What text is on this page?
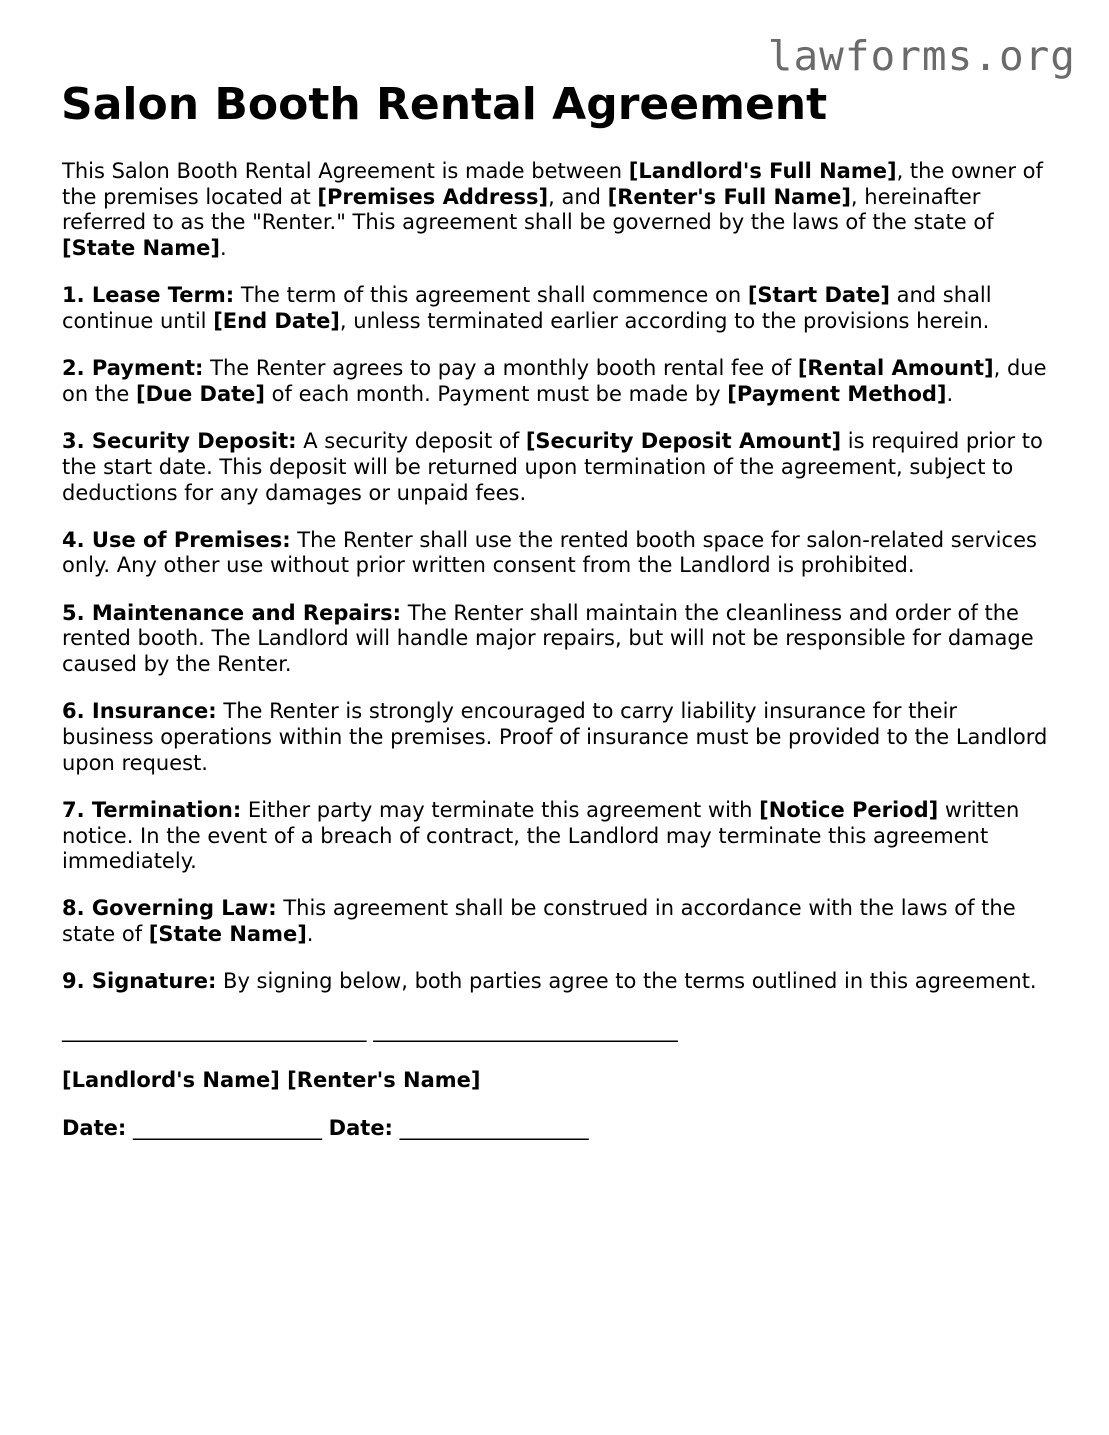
lawforms.org
Salon Booth Rental Agreement

This Salon Booth Rental Agreement is made between [Landlord's Full Name], the owner of the premises located at [Premises Address], and [Renter's Full Name], hereinafter referred to as the "Renter." This agreement shall be governed by the laws of the state of [State Name].

1. Lease Term: The term of this agreement shall commence on [Start Date] and shall continue until [End Date], unless terminated earlier according to the provisions herein.

2. Payment: The Renter agrees to pay a monthly booth rental fee of [Rental Amount], due on the [Due Date] of each month. Payment must be made by [Payment Method].

3. Security Deposit: A security deposit of [Security Deposit Amount] is required prior to the start date. This deposit will be returned upon termination of the agreement, subject to deductions for any damages or unpaid fees.

4. Use of Premises: The Renter shall use the rented booth space for salon-related services only. Any other use without prior written consent from the Landlord is prohibited.

5. Maintenance and Repairs: The Renter shall maintain the cleanliness and order of the rented booth. The Landlord will handle major repairs, but will not be responsible for damage caused by the Renter.

6. Insurance: The Renter is strongly encouraged to carry liability insurance for their business operations within the premises. Proof of insurance must be provided to the Landlord upon request.

7. Termination: Either party may terminate this agreement with [Notice Period] written notice. In the event of a breach of contract, the Landlord may terminate this agreement immediately.

8. Governing Law: This agreement shall be construed in accordance with the laws of the state of [State Name].

9. Signature: By signing below, both parties agree to the terms outlined in this agreement.

_____________________________ _____________________________
[Landlord's Name] [Renter's Name]
Date: __________________ Date: __________________
